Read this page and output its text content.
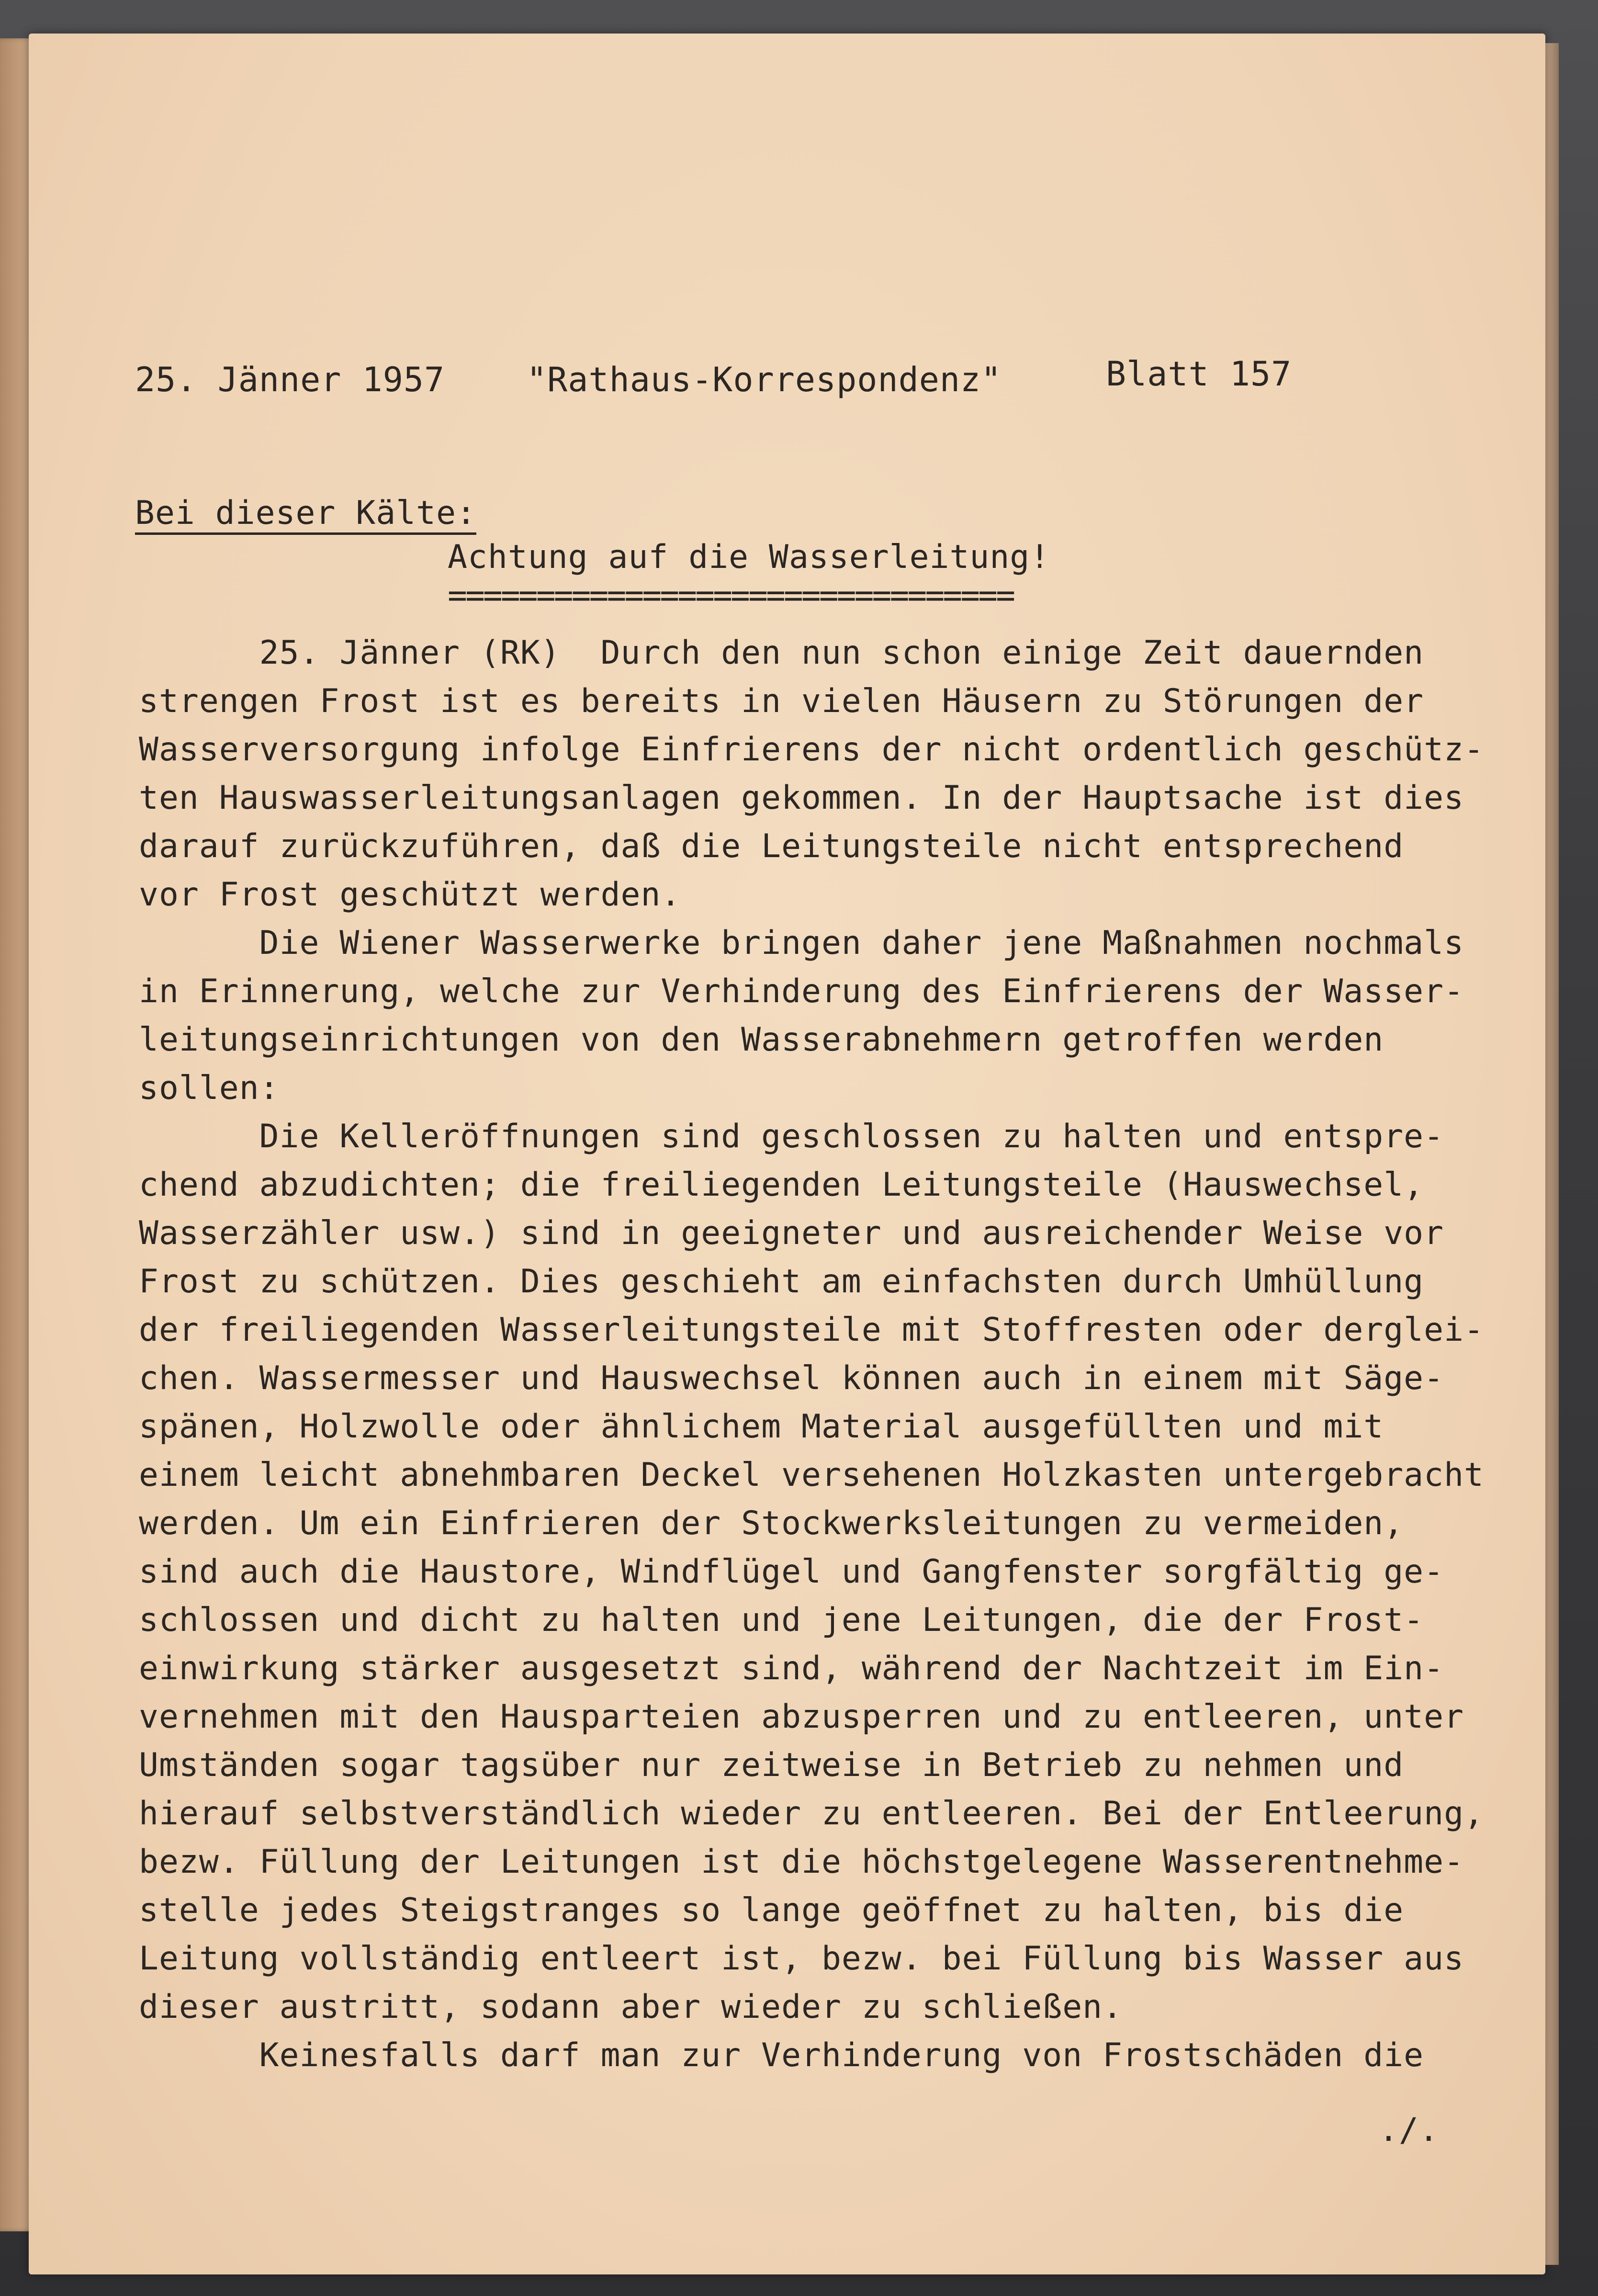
25. Jänner 1957 "Rathaus-Korrespondenz"	Blatt 157
Bei dieser Kälte:
Achtung auf die Wasserleitung!
================================
25. Jänner (RK)  Durch den nun schon einige Zeit dauernden
strengen Frost ist es bereits in vielen Häusern zu Störungen der
Wasserversorgung infolge Einfrierens der nicht ordentlich geschütz-
ten Hauswasserleitungsanlagen gekommen. In der Hauptsache ist dies
darauf zurückzuführen, daß die Leitungsteile nicht entsprechend
vor Frost geschützt werden.
Die Wiener Wasserwerke bringen daher jene Maßnahmen nochmals
in Erinnerung, welche zur Verhinderung des Einfrierens der Wasser-
leitungseinrichtungen von den Wasserabnehmern getroffen werden
sollen:
Die Kelleröffnungen sind geschlossen zu halten und entspre-
chend abzudichten; die freiliegenden Leitungsteile (Hauswechsel,
Wasserzähler usw.) sind in geeigneter und ausreichender Weise vor
Frost zu schützen. Dies geschieht am einfachsten durch Umhüllung
der freiliegenden Wasserleitungsteile mit Stoffresten oder derglei-
chen. Wassermesser und Hauswechsel können auch in einem mit Säge-
spänen, Holzwolle oder ähnlichem Material ausgefüllten und mit
einem leicht abnehmbaren Deckel versehenen Holzkasten untergebracht
werden. Um ein Einfrieren der Stockwerksleitungen zu vermeiden,
sind auch die Haustore, Windflügel und Gangfenster sorgfältig ge-
schlossen und dicht zu halten und jene Leitungen, die der Frost-
einwirkung stärker ausgesetzt sind, während der Nachtzeit im Ein-
vernehmen mit den Hausparteien abzusperren und zu entleeren, unter
Umständen sogar tagsüber nur zeitweise in Betrieb zu nehmen und
hierauf selbstverständlich wieder zu entleeren. Bei der Entleerung,
bezw. Füllung der Leitungen ist die höchstgelegene Wasserentnehme-
stelle jedes Steigstranges so lange geöffnet zu halten, bis die
Leitung vollständig entleert ist, bezw. bei Füllung bis Wasser aus
dieser austritt, sodann aber wieder zu schließen.
Keinesfalls darf man zur Verhinderung von Frostschäden die
./.
